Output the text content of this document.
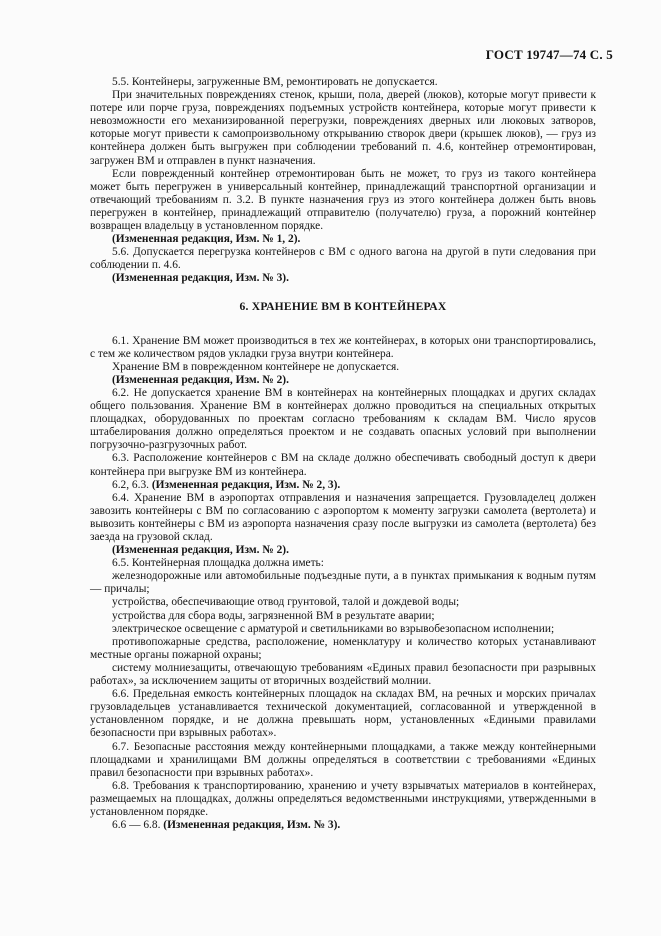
ГОСТ 19747—74 С. 5

5.5. Контейнеры, загруженные ВМ, ремонтировать не допускается.

При значительных повреждениях стенок, крыши, пола, дверей (люков), которые могут привести к потере или порче груза, повреждениях подъемных устройств контейнера, которые могут привести к невозможности его механизированной перегрузки, повреждениях дверных или люковых затворов, которые могут привести к самопроизвольному открыванию створок двери (крышек люков), — груз из контейнера должен быть выгружен при соблюдении требований п. 4.6, контейнер отремонтирован, загружен ВМ и отправлен в пункт назначения.

Если поврежденный контейнер отремонтирован быть не может, то груз из такого контейнера может быть перегружен в универсальный контейнер, принадлежащий транспортной организации и отвечающий требованиям п. 3.2. В пункте назначения груз из этого контейнера должен быть вновь перегружен в контейнер, принадлежащий отправителю (получателю) груза, а порожний контейнер возвращен владельцу в установленном порядке.

(Измененная редакция, Изм. № 1, 2).

5.6. Допускается перегрузка контейнеров с ВМ с одного вагона на другой в пути следования при соблюдении п. 4.6.

(Измененная редакция, Изм. № 3).

6. ХРАНЕНИЕ ВМ В КОНТЕЙНЕРАХ

6.1. Хранение ВМ может производиться в тех же контейнерах, в которых они транспортировались, с тем же количеством рядов укладки груза внутри контейнера.

Хранение ВМ в поврежденном контейнере не допускается.

(Измененная редакция, Изм. № 2).

6.2. Не допускается хранение ВМ в контейнерах на контейнерных площадках и других складах общего пользования. Хранение ВМ в контейнерах должно проводиться на специальных открытых площадках, оборудованных по проектам согласно требованиям к складам ВМ. Число ярусов штабелирования должно определяться проектом и не создавать опасных условий при выполнении погрузочно-разгрузочных работ.

6.3. Расположение контейнеров с ВМ на складе должно обеспечивать свободный доступ к двери контейнера при выгрузке ВМ из контейнера.

6.2, 6.3. (Измененная редакция, Изм. № 2, 3).

6.4. Хранение ВМ в аэропортах отправления и назначения запрещается. Грузовладелец должен завозить контейнеры с ВМ по согласованию с аэропортом к моменту загрузки самолета (вертолета) и вывозить контейнеры с ВМ из аэропорта назначения сразу после выгрузки из самолета (вертолета) без заезда на грузовой склад.

(Измененная редакция, Изм. № 2).

6.5. Контейнерная площадка должна иметь:

железнодорожные или автомобильные подъездные пути, а в пунктах примыкания к водным путям — причалы;

устройства, обеспечивающие отвод грунтовой, талой и дождевой воды;

устройства для сбора воды, загрязненной ВМ в результате аварии;

электрическое освещение с арматурой и светильниками во взрывобезопасном исполнении;

противопожарные средства, расположение, номенклатуру и количество которых устанавливают местные органы пожарной охраны;

систему молниезащиты, отвечающую требованиям «Единых правил безопасности при разрывных работах», за исключением защиты от вторичных воздействий молнии.

6.6. Предельная емкость контейнерных площадок на складах ВМ, на речных и морских причалах грузовладельцев устанавливается технической документацией, согласованной и утвержденной в установленном порядке, и не должна превышать норм, установленных «Едиными правилами безопасности при взрывных работах».

6.7. Безопасные расстояния между контейнерными площадками, а также между контейнерными площадками и хранилищами ВМ должны определяться в соответствии с требованиями «Единых правил безопасности при взрывных работах».

6.8. Требования к транспортированию, хранению и учету взрывчатых материалов в контейнерах, размещаемых на площадках, должны определяться ведомственными инструкциями, утвержденными в установленном порядке.

6.6 — 6.8. (Измененная редакция, Изм. № 3).
